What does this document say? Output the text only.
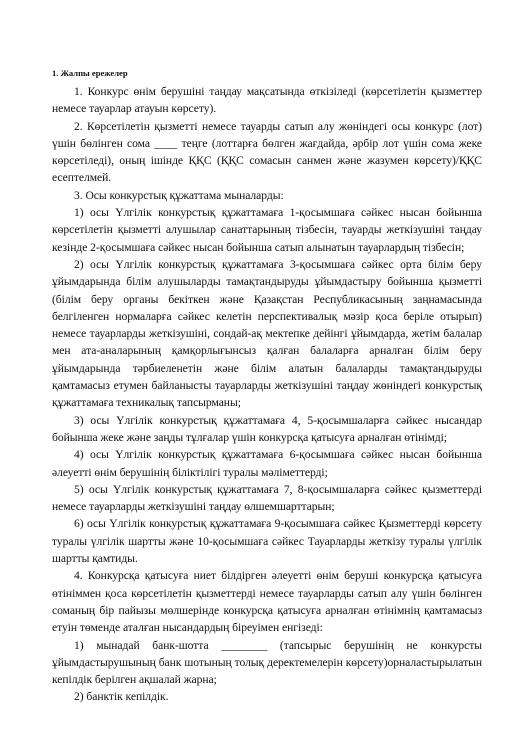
1. Жалпы ережелер

1. Конкурс өнім берушіні таңдау мақсатында өткізіледі (көрсетілетін қызметтер немесе тауарлар атауын көрсету).

2. Көрсетілетін қызметті немесе тауарды сатып алу жөніндегі осы конкурс (лот) үшін бөлінген сома ____ теңге (лоттарға бөлген жағдайда, әрбір лот үшін сома жеке көрсетіледі), оның ішінде ҚҚС (ҚҚС сомасын санмен және жазумен көрсету)/ҚҚС есептелмей.

3. Осы конкурстық құжаттама мыналарды:

1) осы Үлгілік конкурстық құжаттамаға 1-қосымшаға сәйкес нысан бойынша көрсетілетін қызметті алушылар санаттарының тізбесін, тауарды жеткізушіні таңдау кезінде 2-қосымшаға сәйкес нысан бойынша сатып алынатын тауарлардың тізбесін;

2) осы Үлгілік конкурстық құжаттамаға 3-қосымшаға сәйкес орта білім беру ұйымдарында білім алушыларды тамақтандыруды ұйымдастыру бойынша қызметті (білім беру органы бекіткен және Қазақстан Республикасының заңнамасында белгіленген нормаларға сәйкес келетін перспективалық мәзір қоса беріле отырып) немесе тауарларды жеткізушіні, сондай-ақ мектепке дейінгі ұйымдарда, жетім балалар мен ата-аналарының қамқорлығынсыз қалған балаларға арналған білім беру ұйымдарында тәрбиеленетін және білім алатын балаларды тамақтандыруды қамтамасыз етумен байланысты тауарларды жеткізушіні таңдау жөніндегі конкурстық құжаттамаға техникалық тапсырманы;

3) осы Үлгілік конкурстық құжаттамаға 4, 5-қосымшаларға сәйкес нысандар бойынша жеке және заңды тұлғалар үшін конкурсқа қатысуға арналған өтінімді;

4) осы Үлгілік конкурстық құжаттамаға 6-қосымшаға сәйкес нысан бойынша әлеуетті өнім берушінің біліктілігі туралы мәліметтерді;

5) осы Үлгілік конкурстық құжаттамаға 7, 8-қосымшаларға сәйкес қызметтерді немесе тауарларды жеткізушіні таңдау өлшемшарттарын;

6) осы Үлгілік конкурстық құжаттамаға 9-қосымшаға сәйкес Қызметтерді көрсету туралы үлгілік шартты және 10-қосымшаға сәйкес Тауарларды жеткізу туралы үлгілік шартты қамтиды.

4. Конкурсқа қатысуға ниет білдірген әлеуетті өнім беруші конкурсқа қатысуға өтініммен қоса көрсетілетін қызметтерді немесе тауарларды сатып алу үшін бөлінген соманың бір пайызы мөлшерінде конкурсқа қатысуға арналған өтінімнің қамтамасыз етуін төменде аталған нысандардың біреуімен енгізеді:

1) мынадай банк-шотта ________ (тапсырыс берушінің не конкурсты ұйымдастырушының банк шотының толық деректемелерін көрсету)орналастырылатын кепілдік берілген ақшалай жарна;

2) банктік кепілдік.
